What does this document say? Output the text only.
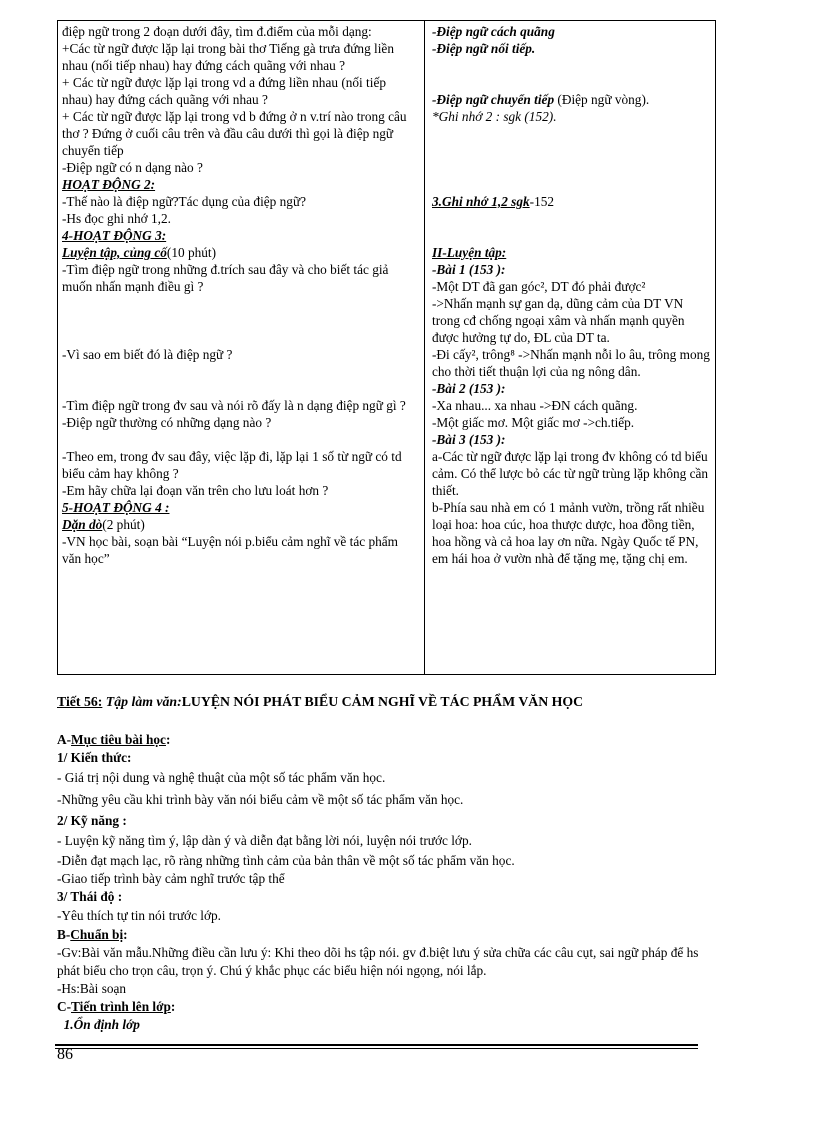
điệp ngữ trong 2 đoạn dưới đây, tìm đ.điểm của mỗi dạng:

+Các từ ngữ được lặp lại trong bài thơ Tiếng gà trưa đứng liền nhau (nối tiếp nhau) hay đứng cách quãng với nhau ?

+ Các từ ngữ được lặp lại trong vd a đứng liền nhau (nối tiếp nhau) hay đứng cách quãng với nhau ?

+ Các từ ngữ được lặp lại trong vd b đứng ở n v.trí nào trong câu thơ ? Đứng ở cuối câu trên và đầu câu dưới thì gọi là điệp ngữ chuyển tiếp

-Điệp ngữ có n dạng nào ?

HOẠT ĐỘNG 2:

-Thế nào là điệp ngữ?Tác dụng của điệp ngữ?

-Hs đọc ghi nhớ 1,2.

4-HOẠT ĐỘNG 3:

Luyện tập, củng cố(10 phút)

-Tìm điệp ngữ trong những đ.trích sau đây và cho biết tác giả muốn nhấn mạnh điều gì ?

-Vì sao em biết đó là điệp ngữ ?

-Tìm điệp ngữ trong đv sau và nói rõ đấy là n dạng điệp ngữ gì ?

-Điệp ngữ thường có những dạng nào ?

-Theo em, trong đv sau đây, việc lặp đi, lặp lại 1 số từ ngữ có td biểu cảm hay không ?

-Em hãy chữa lại đoạn văn trên cho lưu loát hơn ?

5-HOẠT ĐỘNG 4 :

Dặn dò(2 phút)

-VN học bài, soạn bài “Luyện nói p.biểu cảm nghĩ về tác phẩm văn học”

-Điệp ngữ cách quãng

-Điệp ngữ nối tiếp.

-Điệp ngữ chuyển tiếp (Điệp ngữ vòng).

*Ghi nhớ 2 : sgk (152).

3.Ghi nhớ 1,2 sgk-152

II-Luyện tập:

-Bài 1 (153 ):

-Một DT đã gan góc², DT đó phải được²

->Nhấn mạnh sự gan dạ, dũng cảm của DT VN trong cđ chống ngoại xâm và nhấn mạnh quyền được hưởng tự do, ĐL của DT ta.

-Đi cấy², trông⁸ ->Nhấn mạnh nỗi lo âu, trông mong cho thời tiết thuận lợi của ng nông dân.

-Bài 2 (153 ):

-Xa nhau... xa nhau ->ĐN cách quãng.

-Một giấc mơ. Một giấc mơ ->ch.tiếp.

-Bài 3 (153 ):

a-Các từ ngữ được lặp lại trong đv không có td biểu cảm. Có thể lược bỏ các từ ngữ trùng lặp không cần thiết.

b-Phía sau nhà em có 1 mảnh vườn, trồng rất nhiều loại hoa: hoa cúc, hoa thược dược, hoa đồng tiền, hoa hồng và cả hoa lay ơn nữa. Ngày Quốc tế PN, em hái hoa ở vườn nhà để tặng mẹ, tặng chị em.

Tiết 56: Tập làm văn:LUYỆN NÓI PHÁT BIỂU CẢM NGHĨ VỀ TÁC PHẨM VĂN HỌC

A-Mục tiêu bài học:

1/ Kiến thức:

- Giá trị nội dung và nghệ thuật của một số tác phẩm văn học.

-Những yêu cầu khi trình bày văn nói biểu cảm về một số tác phẩm văn học.

2/ Kỹ năng :

- Luyện kỹ năng tìm ý, lập dàn ý và diễn đạt bằng lời nói, luyện nói trước lớp.

-Diễn đạt mạch lạc, rõ ràng những tình cảm của bản thân về một số tác phẩm văn học.

-Giao tiếp trình bày cảm nghĩ trước tập thể

3/ Thái độ :

-Yêu thích tự tin nói trước lớp.

B-Chuẩn bị:

-Gv:Bài văn mẫu.Những điều cần lưu ý: Khi theo dõi hs tập nói. gv đ.biệt lưu ý sửa chữa các câu cụt, sai ngữ pháp để hs phát biểu cho trọn câu, trọn ý. Chú ý khắc phục các biểu hiện nói ngọng, nói lắp.

-Hs:Bài soạn

C-Tiến trình lên lớp:

1.Ổn định lớp

86
